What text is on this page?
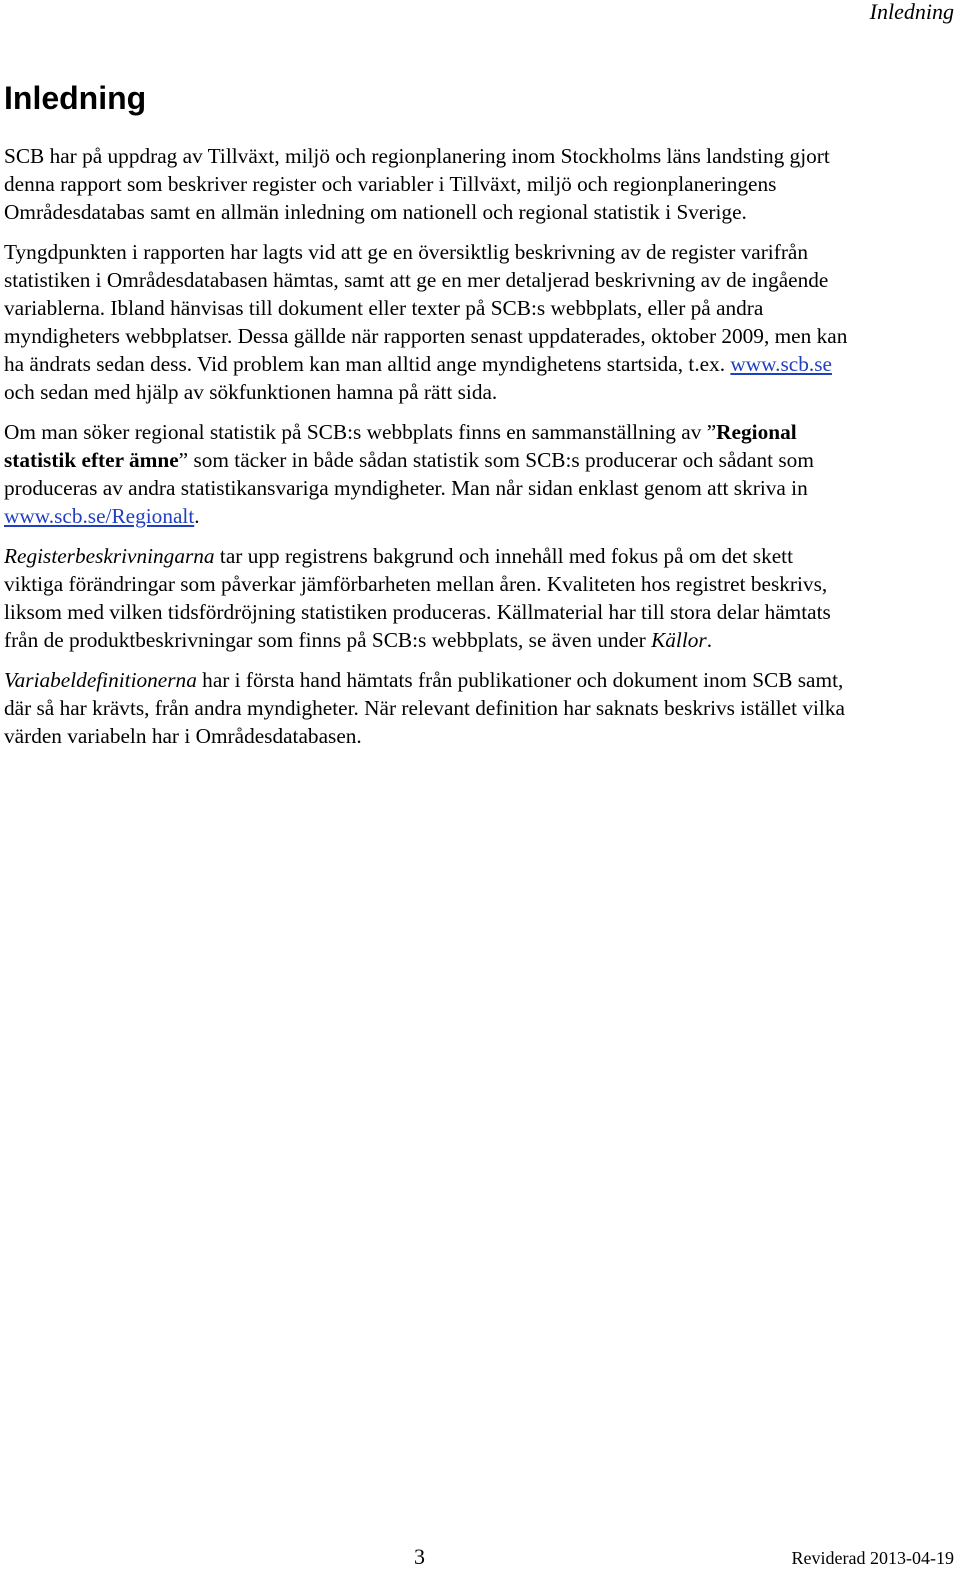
Inledning
Inledning

SCB har på uppdrag av Tillväxt, miljö och regionplanering inom Stockholms läns landsting gjort denna rapport som beskriver register och variabler i Tillväxt, miljö och regionplaneringens Områdesdatabas samt en allmän inledning om nationell och regional statistik i Sverige.

Tyngdpunkten i rapporten har lagts vid att ge en översiktlig beskrivning av de register varifrån statistiken i Områdesdatabasen hämtas, samt att ge en mer detaljerad beskrivning av de ingående variablerna. Ibland hänvisas till dokument eller texter på SCB:s webbplats, eller på andra myndigheters webbplatser. Dessa gällde när rapporten senast uppdaterades, oktober 2009, men kan ha ändrats sedan dess. Vid problem kan man alltid ange myndighetens startsida, t.ex. www.scb.se och sedan med hjälp av sökfunktionen hamna på rätt sida.

Om man söker regional statistik på SCB:s webbplats finns en sammanställning av ”Regional statistik efter ämne” som täcker in både sådan statistik som SCB:s producerar och sådant som produceras av andra statistikansvariga myndigheter. Man når sidan enklast genom att skriva in www.scb.se/Regionalt.

Registerbeskrivningarna tar upp registrens bakgrund och innehåll med fokus på om det skett viktiga förändringar som påverkar jämförbarheten mellan åren. Kvaliteten hos registret beskrivs, liksom med vilken tidsfördröjning statistiken produceras. Källmaterial har till stora delar hämtats från de produktbeskrivningar som finns på SCB:s webbplats, se även under Källor.

Variabeldefinitionerna har i första hand hämtats från publikationer och dokument inom SCB samt, där så har krävts, från andra myndigheter. När relevant definition har saknats beskrivs istället vilka värden variabeln har i Områdesdatabasen.

3	Reviderad 2013-04-19
